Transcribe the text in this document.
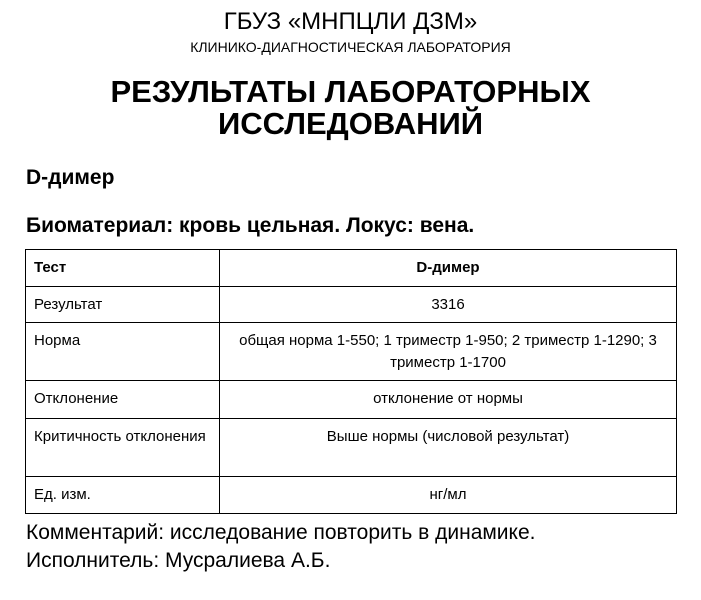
ГБУЗ «МНПЦЛИ ДЗМ»
КЛИНИКО-ДИАГНОСТИЧЕСКАЯ ЛАБОРАТОРИЯ
РЕЗУЛЬТАТЫ ЛАБОРАТОРНЫХ
ИССЛЕДОВАНИЙ
D-димер
Биоматериал: кровь цельная. Локус: вена.
Тест	D-димер
Результат	3316
Норма	общая норма 1-550; 1 триместр 1-950; 2 триместр 1-1290; 3 триместр 1-1700
Отклонение	отклонение от нормы
Критичность отклонения	Выше нормы (числовой результат)
Ед. изм.	нг/мл
Комментарий: исследование повторить в динамике.
Исполнитель: Мусралиева А.Б.
